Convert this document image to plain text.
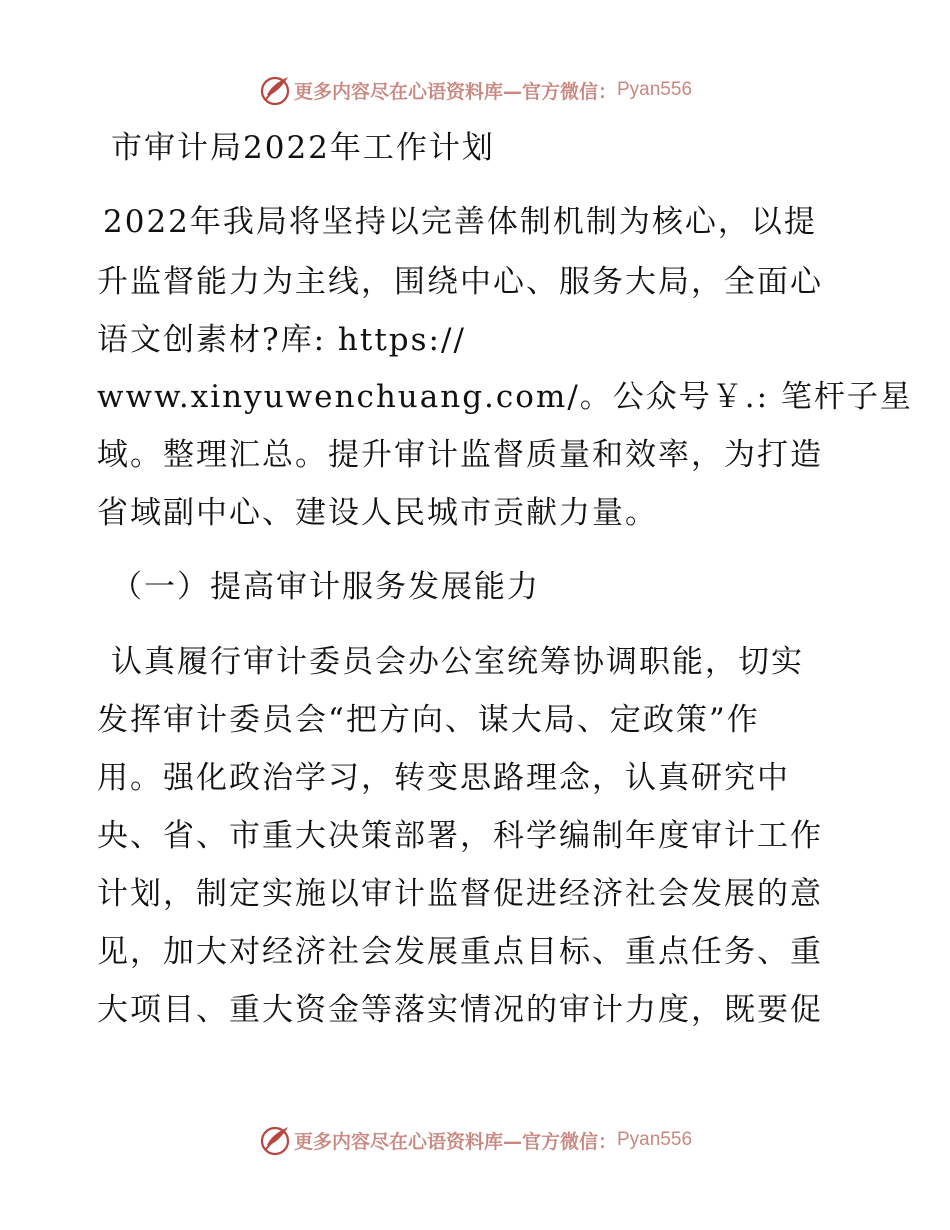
更多内容尽在心语资料库—官方微信： Pyan556
市审计局2022年工作计划
2022年我局将坚持以完善体制机制为核心，以提
升监督能力为主线，围绕中心、服务大局，全面心
语文创素材?库: https://
www.xinyuwenchuang.com/。公众号￥.: 笔杆子星
域。整理汇总。提升审计监督质量和效率，为打造
省域副中心、建设人民城市贡献力量。
（一）提高审计服务发展能力
认真履行审计委员会办公室统筹协调职能，切实
发挥审计委员会“把方向、谋大局、定政策”作
用。强化政治学习，转变思路理念，认真研究中
央、省、市重大决策部署，科学编制年度审计工作
计划，制定实施以审计监督促进经济社会发展的意
见，加大对经济社会发展重点目标、重点任务、重
大项目、重大资金等落实情况的审计力度，既要促
更多内容尽在心语资料库—官方微信： Pyan556
